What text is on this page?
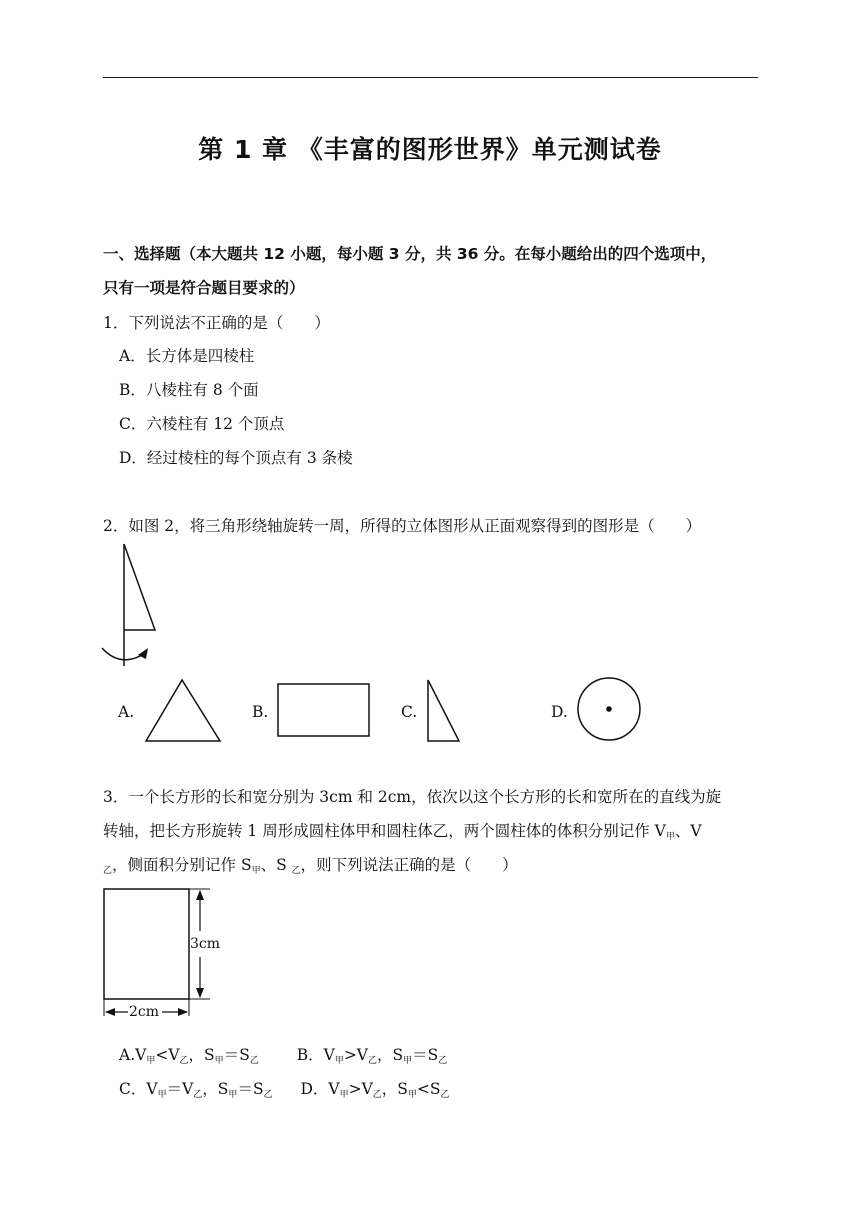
第 1 章 《丰富的图形世界》单元测试卷
一、选择题（本大题共 12 小题，每小题 3 分，共 36 分。在每小题给出的四个选项中，
只有一项是符合题目要求的）
1．下列说法不正确的是（　　）
A．长方体是四棱柱
B．八棱柱有 8 个面
C．六棱柱有 12 个顶点
D．经过棱柱的每个顶点有 3 条棱
2．如图 2，将三角形绕轴旋转一周，所得的立体图形从正面观察得到的图形是（　　）
A.	B.	C.	D.
3．一个长方形的长和宽分别为 3cm 和 2cm，依次以这个长方形的长和宽所在的直线为旋
转轴，把长方形旋转 1 周形成圆柱体甲和圆柱体乙，两个圆柱体的体积分别记作 $V_甲$、V
$_乙$，侧面积分别记作 $S_甲$、S $_乙$，则下列说法正确的是（　　）
3cm
2cm
$A.V_甲<V_乙$，$S_甲=S_乙$ B．$V_甲>V_乙$，$S_甲=S_乙$
C．$V_甲=V_乙$，$S_甲=S_乙$ D．$V_甲>V_乙$，$S_甲<S_乙$
